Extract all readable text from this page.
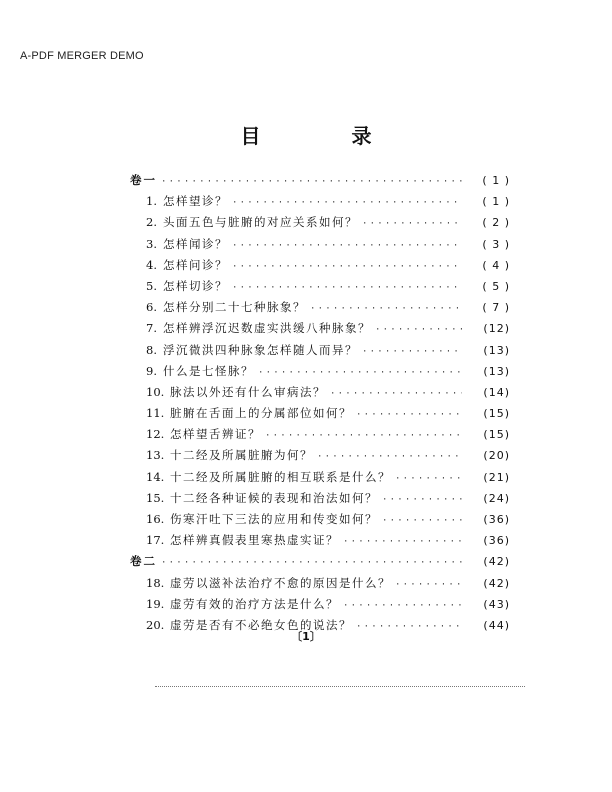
A-PDF MERGER DEMO
目 录
卷一 ·····	( 1 )
1. 怎样望诊？ ·····	( 1 )
2. 头面五色与脏腑的对应关系如何？ ·····	( 2 )
3. 怎样闻诊？ ·····	( 3 )
4. 怎样问诊？ ·····	( 4 )
5. 怎样切诊？ ·····	( 5 )
6. 怎样分别二十七种脉象？ ·····	( 7 )
7. 怎样辨浮沉迟数虚实洪缓八种脉象？ ·····	(12)
8. 浮沉微洪四种脉象怎样随人而异？ ·····	(13)
9. 什么是七怪脉？ ·····	(13)
10. 脉法以外还有什么审病法？ ·····	(14)
11. 脏腑在舌面上的分属部位如何？ ·····	(15)
12. 怎样望舌辨证？ ·····	(15)
13. 十二经及所属脏腑为何？ ·····	(20)
14. 十二经及所属脏腑的相互联系是什么？ ·····	(21)
15. 十二经各种证候的表现和治法如何？ ·····	(24)
16. 伤寒汗吐下三法的应用和传变如何？ ·····	(36)
17. 怎样辨真假表里寒热虚实证？ ·····	(36)
卷二 ·····	(42)
18. 虚劳以滋补法治疗不愈的原因是什么？ ·····	(42)
19. 虚劳有效的治疗方法是什么？ ·····	(43)
20. 虚劳是否有不必绝女色的说法？ ·····	(44)
〔1〕
